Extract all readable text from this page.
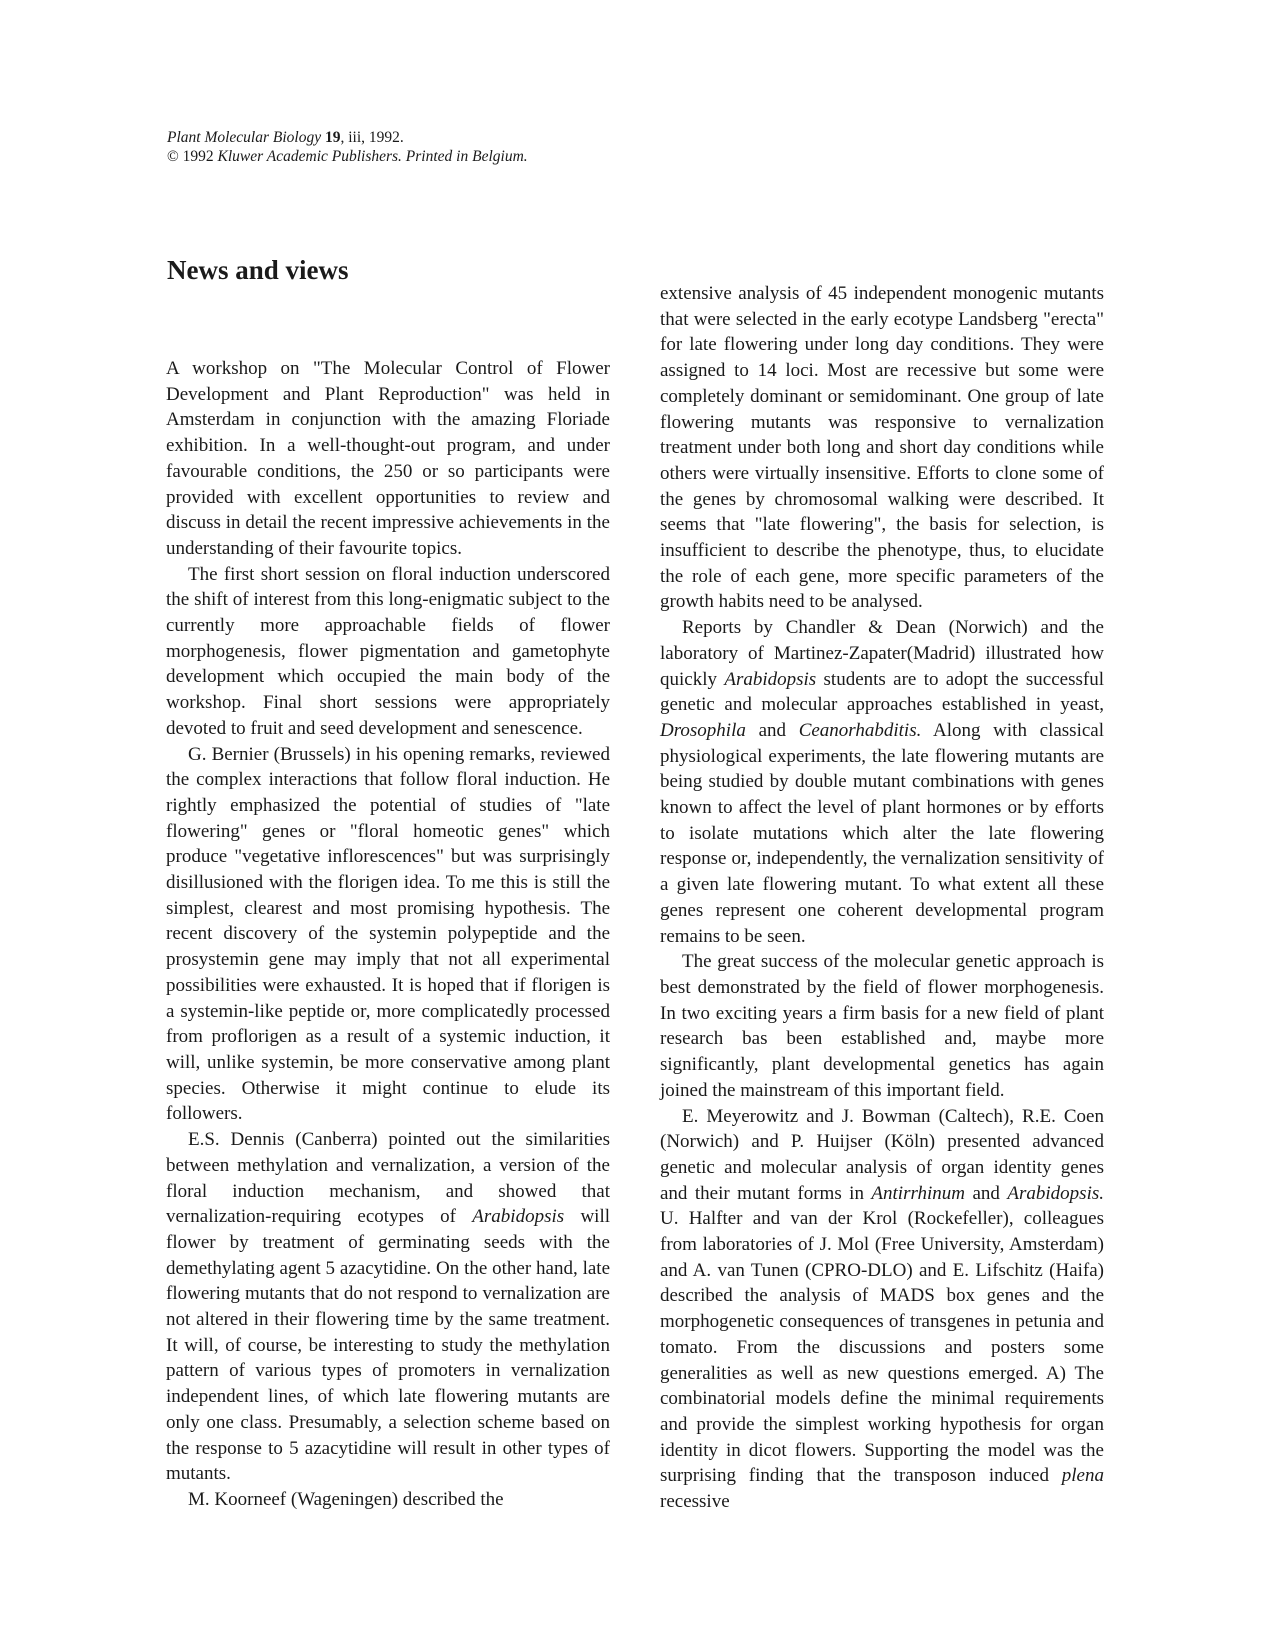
Plant Molecular Biology 19, iii, 1992.
© 1992 Kluwer Academic Publishers. Printed in Belgium.
News and views

A workshop on "The Molecular Control of Flower Development and Plant Reproduction" was held in Amsterdam in conjunction with the amazing Floriade exhibition. In a well-thought-out program, and under favourable conditions, the 250 or so participants were provided with excellent opportunities to review and discuss in detail the recent impressive achievements in the understanding of their favourite topics.

The first short session on floral induction underscored the shift of interest from this long-enigmatic subject to the currently more approachable fields of flower morphogenesis, flower pigmentation and gametophyte development which occupied the main body of the workshop. Final short sessions were appropriately devoted to fruit and seed development and senescence.

G. Bernier (Brussels) in his opening remarks, reviewed the complex interactions that follow floral induction. He rightly emphasized the potential of studies of "late flowering" genes or "floral homeotic genes" which produce "vegetative inflorescences" but was surprisingly disillusioned with the florigen idea. To me this is still the simplest, clearest and most promising hypothesis. The recent discovery of the systemin polypeptide and the prosystemin gene may imply that not all experimental possibilities were exhausted. It is hoped that if florigen is a systemin-like peptide or, more complicatedly processed from proflorigen as a result of a systemic induction, it will, unlike systemin, be more conservative among plant species. Otherwise it might continue to elude its followers.

E.S. Dennis (Canberra) pointed out the similarities between methylation and vernalization, a version of the floral induction mechanism, and showed that vernalization-requiring ecotypes of Arabidopsis will flower by treatment of germinating seeds with the demethylating agent 5 azacytidine. On the other hand, late flowering mutants that do not respond to vernalization are not altered in their flowering time by the same treatment. It will, of course, be interesting to study the methylation pattern of various types of promoters in vernalization independent lines, of which late flowering mutants are only one class. Presumably, a selection scheme based on the response to 5 azacytidine will result in other types of mutants.

M. Koorneef (Wageningen) described the

extensive analysis of 45 independent monogenic mutants that were selected in the early ecotype Landsberg "erecta" for late flowering under long day conditions. They were assigned to 14 loci. Most are recessive but some were completely dominant or semidominant. One group of late flowering mutants was responsive to vernalization treatment under both long and short day conditions while others were virtually insensitive. Efforts to clone some of the genes by chromosomal walking were described. It seems that "late flowering", the basis for selection, is insufficient to describe the phenotype, thus, to elucidate the role of each gene, more specific parameters of the growth habits need to be analysed.

Reports by Chandler & Dean (Norwich) and the laboratory of Martinez-Zapater(Madrid) illustrated how quickly Arabidopsis students are to adopt the successful genetic and molecular approaches established in yeast, Drosophila and Ceanorhabditis. Along with classical physiological experiments, the late flowering mutants are being studied by double mutant combinations with genes known to affect the level of plant hormones or by efforts to isolate mutations which alter the late flowering response or, independently, the vernalization sensitivity of a given late flowering mutant. To what extent all these genes represent one coherent developmental program remains to be seen.

The great success of the molecular genetic approach is best demonstrated by the field of flower morphogenesis. In two exciting years a firm basis for a new field of plant research bas been established and, maybe more significantly, plant developmental genetics has again joined the mainstream of this important field.

E. Meyerowitz and J. Bowman (Caltech), R.E. Coen (Norwich) and P. Huijser (Köln) presented advanced genetic and molecular analysis of organ identity genes and their mutant forms in Antirrhinum and Arabidopsis. U. Halfter and van der Krol (Rockefeller), colleagues from laboratories of J. Mol (Free University, Amsterdam) and A. van Tunen (CPRO-DLO) and E. Lifschitz (Haifa) described the analysis of MADS box genes and the morphogenetic consequences of transgenes in petunia and tomato. From the discussions and posters some generalities as well as new questions emerged. A) The combinatorial models define the minimal requirements and provide the simplest working hypothesis for organ identity in dicot flowers. Supporting the model was the surprising finding that the transposon induced plena recessive
